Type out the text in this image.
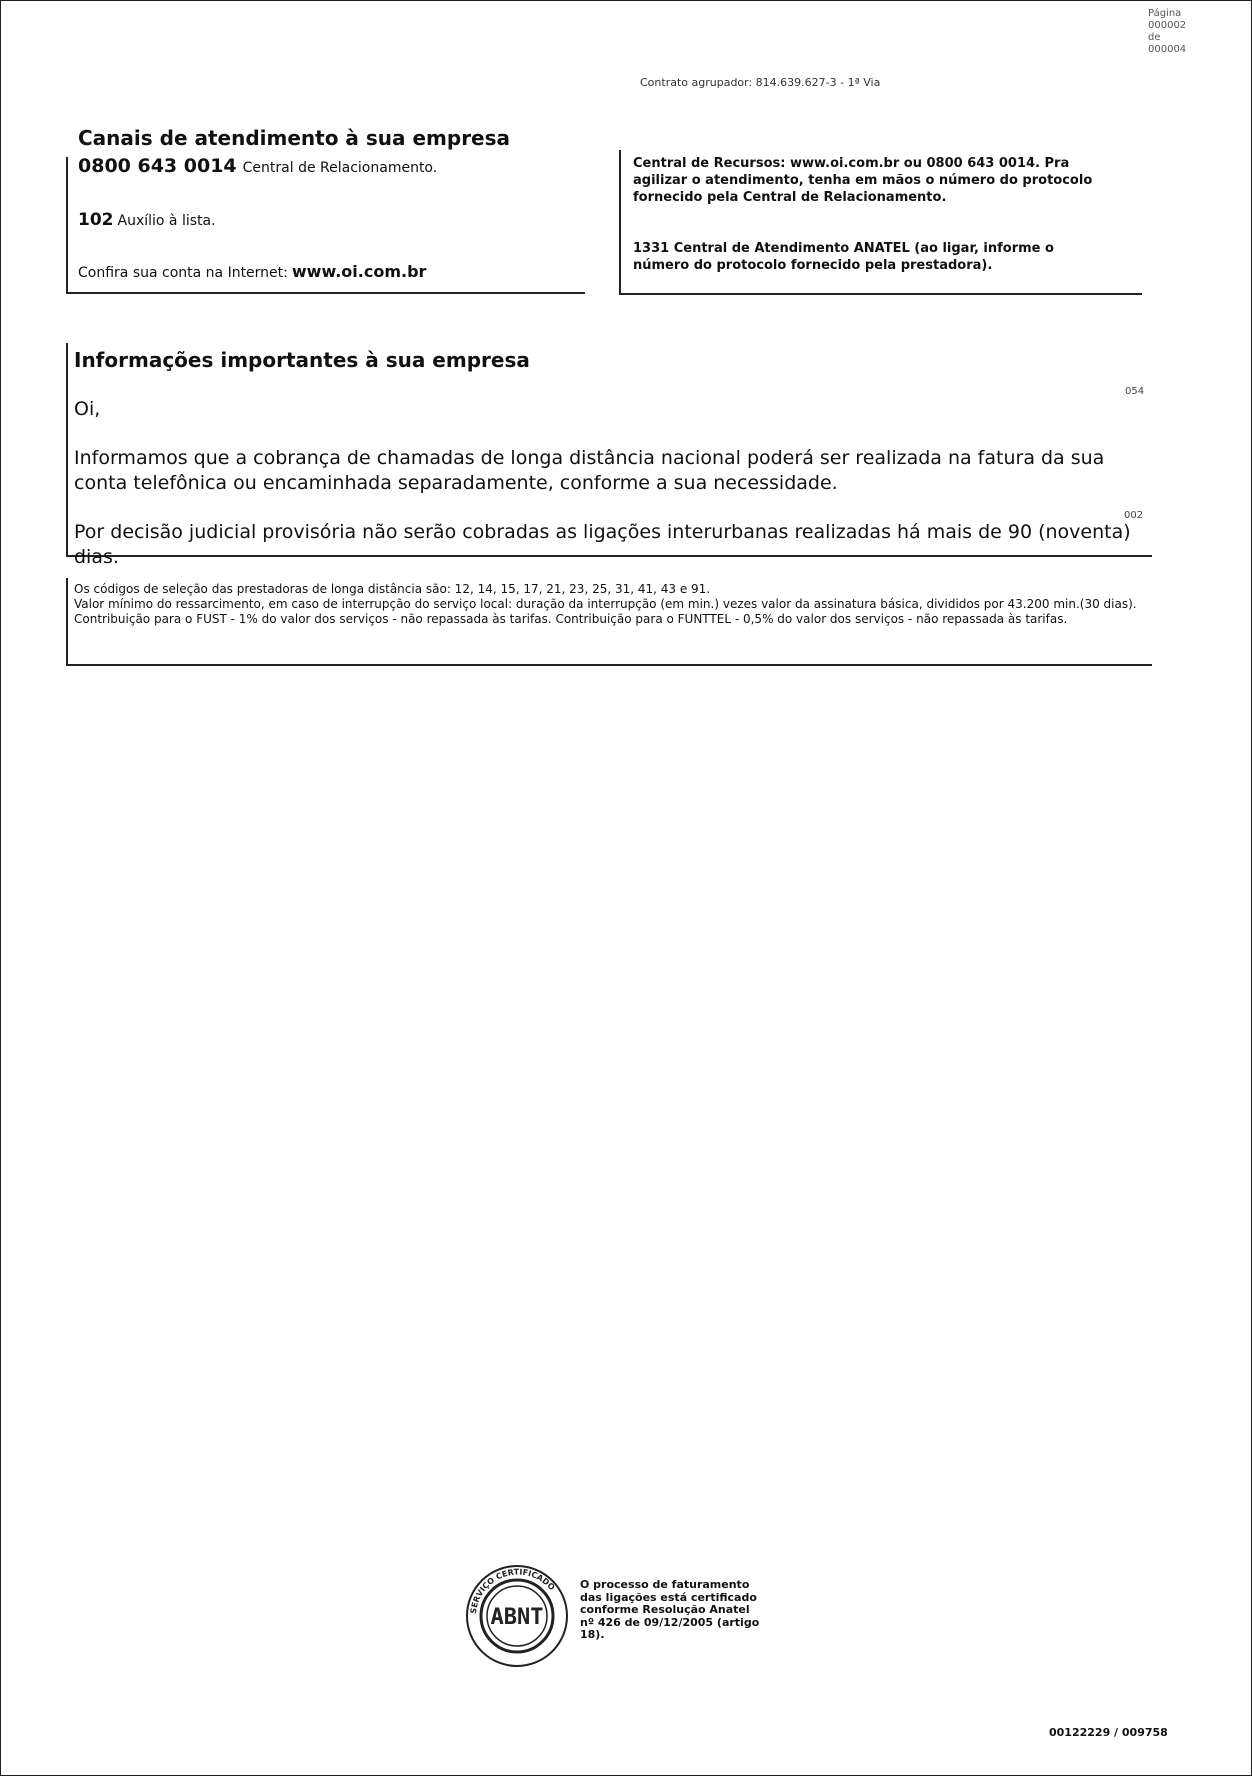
Página
000002 de
000004
Contrato agrupador: 814.639.627-3 - 1ª Via
Canais de atendimento à sua empresa
0800 643 0014 Central de Relacionamento.
102 Auxílio à lista.
Confira sua conta na Internet: www.oi.com.br
Central de Recursos: www.oi.com.br ou 0800 643 0014. Pra agilizar o atendimento, tenha em mãos o número do protocolo fornecido pela Central de Relacionamento.
1331 Central de Atendimento ANATEL (ao ligar, informe o número do protocolo fornecido pela prestadora).
Informações importantes à sua empresa
Oi,
Informamos que a cobrança de chamadas de longa distância nacional poderá ser realizada na fatura da sua conta telefônica ou encaminhada separadamente, conforme a sua necessidade.
Por decisão judicial provisória não serão cobradas as ligações interurbanas realizadas há mais de 90 (noventa) dias.
054
002
Os códigos de seleção das prestadoras de longa distância são: 12, 14, 15, 17, 21, 23, 25, 31, 41, 43 e 91.
Valor mínimo do ressarcimento, em caso de interrupção do serviço local: duração da interrupção (em min.) vezes valor da assinatura básica, divididos por 43.200 min.(30 dias).
Contribuição para o FUST - 1% do valor dos serviços - não repassada às tarifas. Contribuição para o FUNTTEL - 0,5% do valor dos serviços - não repassada às tarifas.
SERVIÇO CERTIFICADO
ABNT
O processo de faturamento das ligações está certificado conforme Resolução Anatel nº 426 de 09/12/2005 (artigo 18).
00122229 / 009758
